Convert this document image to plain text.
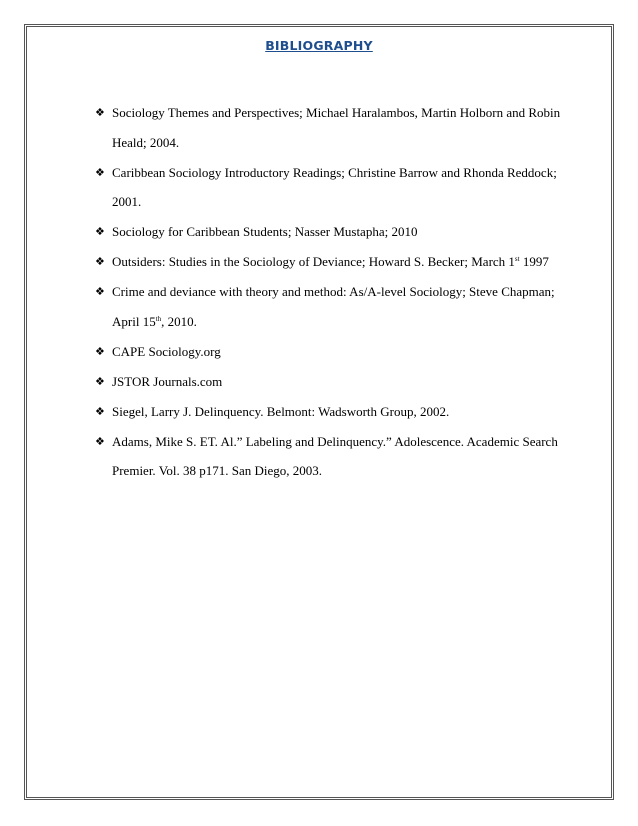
BIBLIOGRAPHY
❖ Sociology Themes and Perspectives; Michael Haralambos, Martin Holborn and Robin Heald; 2004.
❖ Caribbean Sociology Introductory Readings; Christine Barrow and Rhonda Reddock; 2001.
❖ Sociology for Caribbean Students; Nasser Mustapha; 2010
❖ Outsiders: Studies in the Sociology of Deviance; Howard S. Becker; March 1st 1997
❖ Crime and deviance with theory and method: As/A-level Sociology; Steve Chapman; April 15th, 2010.
❖ CAPE Sociology.org
❖ JSTOR Journals.com
❖ Siegel, Larry J. Delinquency. Belmont: Wadsworth Group, 2002.
❖ Adams, Mike S. ET. Al.” Labeling and Delinquency.” Adolescence. Academic Search Premier. Vol. 38 p171. San Diego, 2003.
